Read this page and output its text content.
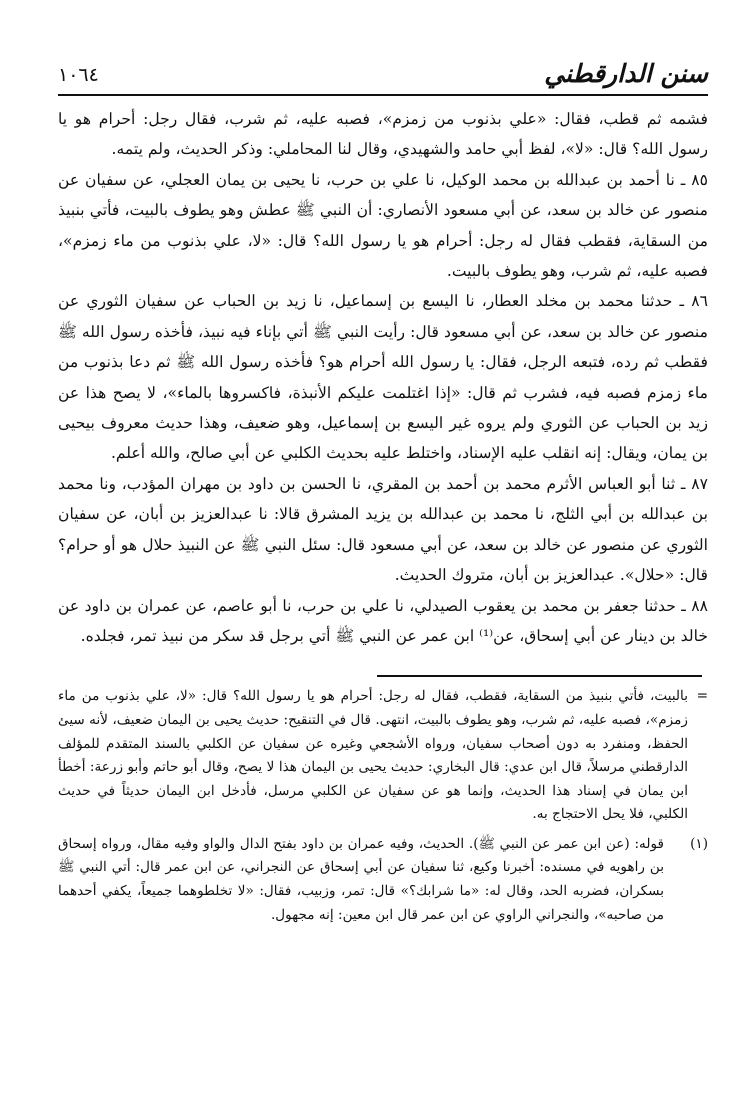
سنن الدارقطني
١٠٦٤

فشمه ثم قطب، فقال: «علي بذنوب من زمزم»، فصبه عليه، ثم شرب، فقال رجل: أحرام هو يا رسول الله؟ قال: «لا»، لفظ أبي حامد والشهيدي، وقال لنا المحاملي: وذكر الحديث، ولم يتمه.

٨٥ ـ نا أحمد بن عبدالله بن محمد الوكيل، نا علي بن حرب، نا يحيى بن يمان العجلي، عن سفيان عن منصور عن خالد بن سعد، عن أبي مسعود الأنصاري: أن النبي ﷺ عطش وهو يطوف بالبيت، فأتي بنبيذ من السقاية، فقطب فقال له رجل: أحرام هو يا رسول الله؟ قال: «لا، علي بذنوب من ماء زمزم»، فصبه عليه، ثم شرب، وهو يطوف بالبيت.

٨٦ ـ حدثنا محمد بن مخلد العطار، نا اليسع بن إسماعيل، نا زيد بن الحباب عن سفيان الثوري عن منصور عن خالد بن سعد، عن أبي مسعود قال: رأيت النبي ﷺ أتي بإناء فيه نبيذ، فأخذه رسول الله ﷺ فقطب ثم رده، فتبعه الرجل، فقال: يا رسول الله أحرام هو؟ فأخذه رسول الله ﷺ ثم دعا بذنوب من ماء زمزم فصبه فيه، فشرب ثم قال: «إذا اغتلمت عليكم الأنبذة، فاكسروها بالماء»، لا يصح هذا عن زيد بن الحباب عن الثوري ولم يروه غير اليسع بن إسماعيل، وهو ضعيف، وهذا حديث معروف بيحيى بن يمان، ويقال: إنه انقلب عليه الإسناد، واختلط عليه بحديث الكلبي عن أبي صالح، والله أعلم.

٨٧ ـ ثنا أبو العباس الأثرم محمد بن أحمد بن المقري، نا الحسن بن داود بن مهران المؤدب، ونا محمد بن عبدالله بن أبي الثلج، نا محمد بن عبدالله بن يزيد المشرق قالا: نا عبدالعزيز بن أبان، عن سفيان الثوري عن منصور عن خالد بن سعد، عن أبي مسعود قال: سئل النبي ﷺ عن النبيذ حلال هو أو حرام؟ قال: «حلال». عبدالعزيز بن أبان، متروك الحديث.

٨٨ ـ حدثنا جعفر بن محمد بن يعقوب الصيدلي، نا علي بن حرب، نا أبو عاصم، عن عمران بن داود عن خالد بن دينار عن أبي إسحاق، عن⁽¹⁾ ابن عمر عن النبي ﷺ أتي برجل قد سكر من نبيذ تمر، فجلده.

=
بالبيت، فأتي بنبيذ من السقاية، فقطب، فقال له رجل: أحرام هو يا رسول الله؟ قال: «لا، علي بذنوب من ماء زمزم»، فصبه عليه، ثم شرب، وهو يطوف بالبيت، انتهى. قال في التنقيح: حديث يحيى بن اليمان ضعيف، لأنه سيئ الحفظ، ومنفرد به دون أصحاب سفيان، ورواه الأشجعي وغيره عن سفيان عن الكلبي بالسند المتقدم للمؤلف الدارقطني مرسلاً، قال ابن عدي: قال البخاري: حديث يحيى بن اليمان هذا لا يصح، وقال أبو حاتم وأبو زرعة: أخطأ ابن يمان في إسناد هذا الحديث، وإنما هو عن سفيان عن الكلبي مرسل، فأدخل ابن اليمان حديثاً في حديث الكلبي، فلا يحل الاحتجاج به.

(١)
قوله: (عن ابن عمر عن النبي ﷺ). الحديث، وفيه عمران بن داود بفتح الدال والواو وفيه مقال، ورواه إسحاق بن راهويه في مسنده: أخبرنا وكيع، ثنا سفيان عن أبي إسحاق عن النجراني، عن ابن عمر قال: أتي النبي ﷺ بسكران، فضربه الحد، وقال له: «ما شرابك؟» قال: تمر، وزبيب، فقال: «لا تخلطوهما جميعاً، يكفي أحدهما من صاحبه»، والنجراني الراوي عن ابن عمر قال ابن معين: إنه مجهول.
